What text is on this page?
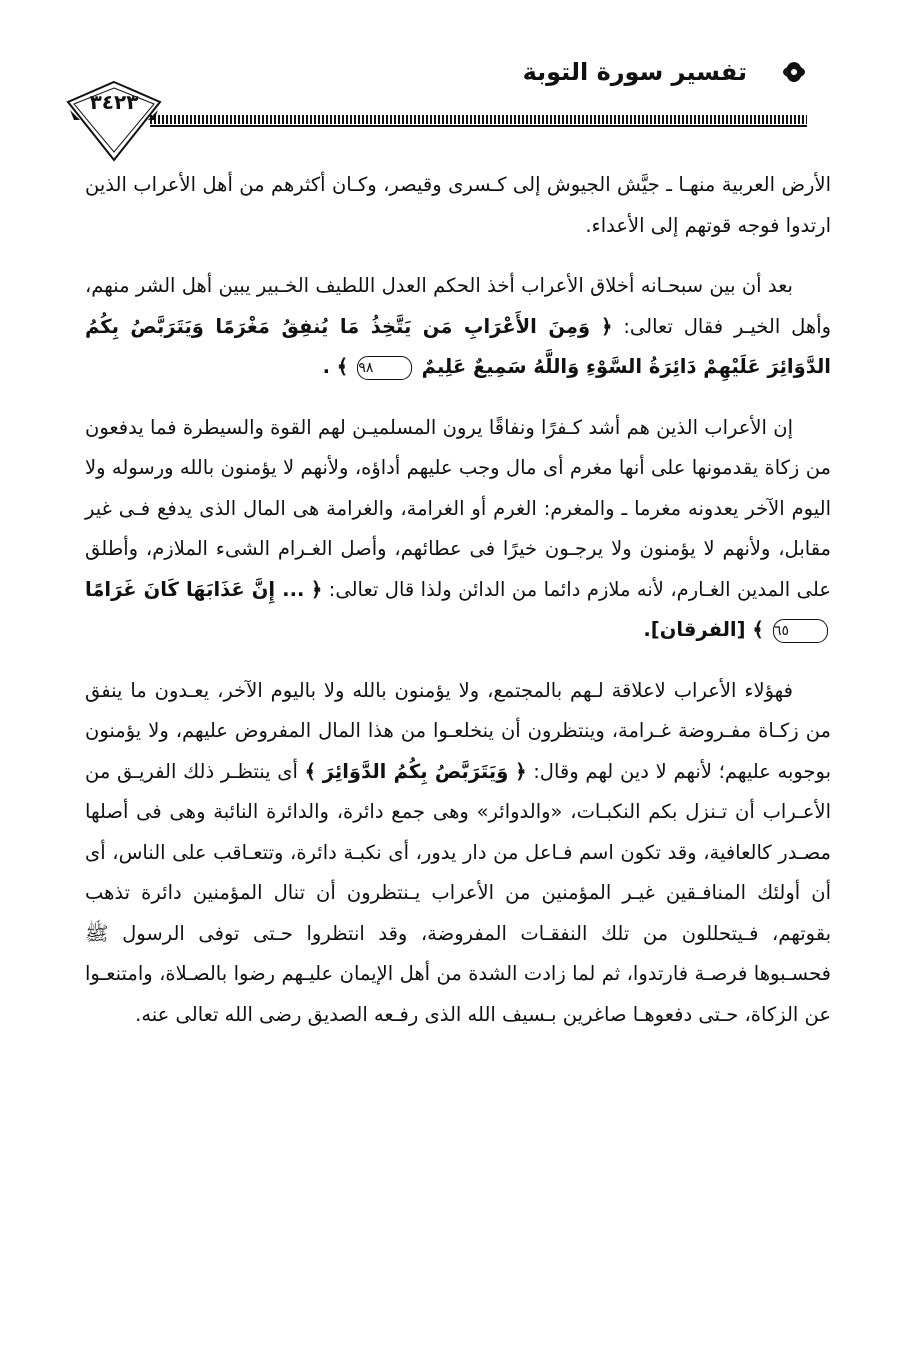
تفسير سورة التوبة
٣٤٢٣

الأرض العربية منهـا ـ جيَّش الجيوش إلى كـسرى وقيصر، وكـان أكثرهم من أهل الأعراب الذين ارتدوا فوجه قوتهم إلى الأعداء.

بعد أن بين سبحـانه أخلاق الأعراب أخذ الحكم العدل اللطيف الخـبير يبين أهل الشر منهم، وأهل الخيـر فقال تعالى: ﴿ وَمِنَ الأَعْرَابِ مَن يَتَّخِذُ مَا يُنفِقُ مَغْرَمًا وَيَتَرَبَّصُ بِكُمُ الدَّوَائِرَ عَلَيْهِمْ دَائِرَةُ السَّوْءِ وَاللَّهُ سَمِيعٌ عَلِيمٌ ٩٨ ﴾ .

إن الأعراب الذين هم أشد كـفرًا ونفاقًا يرون المسلميـن لهم القوة والسيطرة فما يدفعون من زكاة يقدمونها على أنها مغرم أى مال وجب عليهم أداؤه، ولأنهم لا يؤمنون بالله ورسوله ولا اليوم الآخر يعدونه مغرما ـ والمغرم: الغرم أو الغرامة، والغرامة هى المال الذى يدفع فـى غير مقابل، ولأنهم لا يؤمنون ولا يرجـون خيرًا فى عطائهم، وأصل الغـرام الشىء الملازم، وأطلق على المدين الغـارم، لأنه ملازم دائما من الدائن ولذا قال تعالى: ﴿ ... إِنَّ عَذَابَهَا كَانَ غَرَامًا ٦٥ ﴾ [الفرقان].

فهؤلاء الأعراب لاعلاقة لـهم بالمجتمع، ولا يؤمنون بالله ولا باليوم الآخر، يعـدون ما ينفق من زكـاة مفـروضة غـرامة، وينتظرون أن ينخلعـوا من هذا المال المفروض عليهم، ولا يؤمنون بوجوبه عليهم؛ لأنهم لا دين لهم وقال: ﴿ وَيَتَرَبَّصُ بِكُمُ الدَّوَائِرَ ﴾ أى ينتظـر ذلك الفريـق من الأعـراب أن تـنزل بكم النكبـات، «والدوائر» وهى جمع دائرة، والدائرة النائبة وهى فى أصلها مصـدر كالعافية، وقد تكون اسم فـاعل من دار يدور، أى نكبـة دائرة، وتتعـاقب على الناس، أى أن أولئك المنافـقين غيـر المؤمنين من الأعراب يـنتظرون أن تنال المؤمنين دائرة تذهب بقوتهم، فـيتحللون من تلك النفقـات المفروضة، وقد انتظروا حـتى توفى الرسول ﷺ فحسـبوها فرصـة فارتدوا، ثم لما زادت الشدة من أهل الإيمان عليـهم رضوا بالصـلاة، وامتنعـوا عن الزكاة، حـتى دفعوهـا صاغرين بـسيف الله الذى رفـعه الصديق رضى الله تعالى عنه.
